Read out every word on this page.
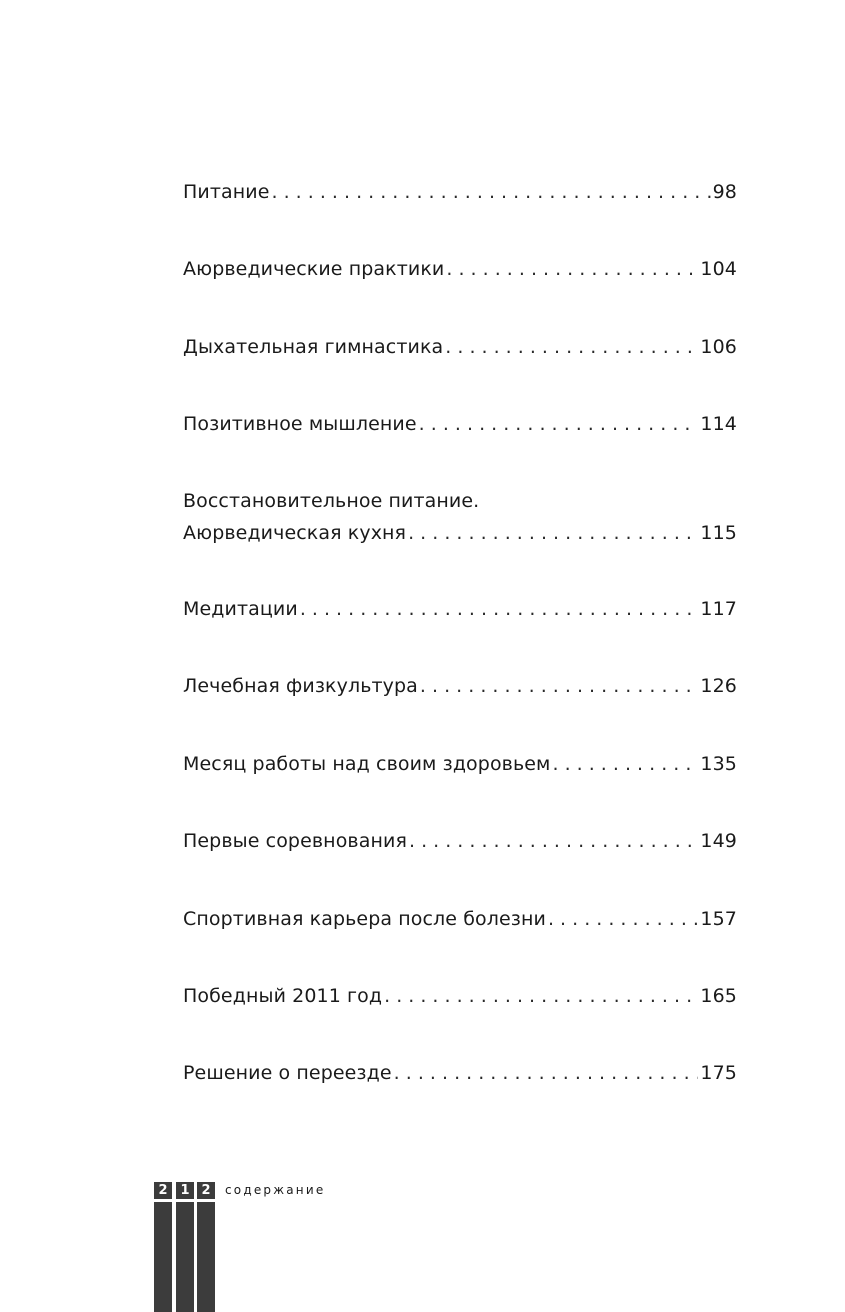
Питание . . .	98
Аюрведические практики . . .	104
Дыхательная гимнастика . . .	106
Позитивное мышление . . .	114
Восстановительное питание.
Аюрведическая кухня . . .	115
Медитации . . .	117
Лечебная физкультура . . .	126
Месяц работы над своим здоровьем . . .	135
Первые соревнования . . .	149
Спортивная карьера после болезни . . .	157
Победный 2011 год . . .	165
Решение о переезде . . .	175
2 1 2	содержание
